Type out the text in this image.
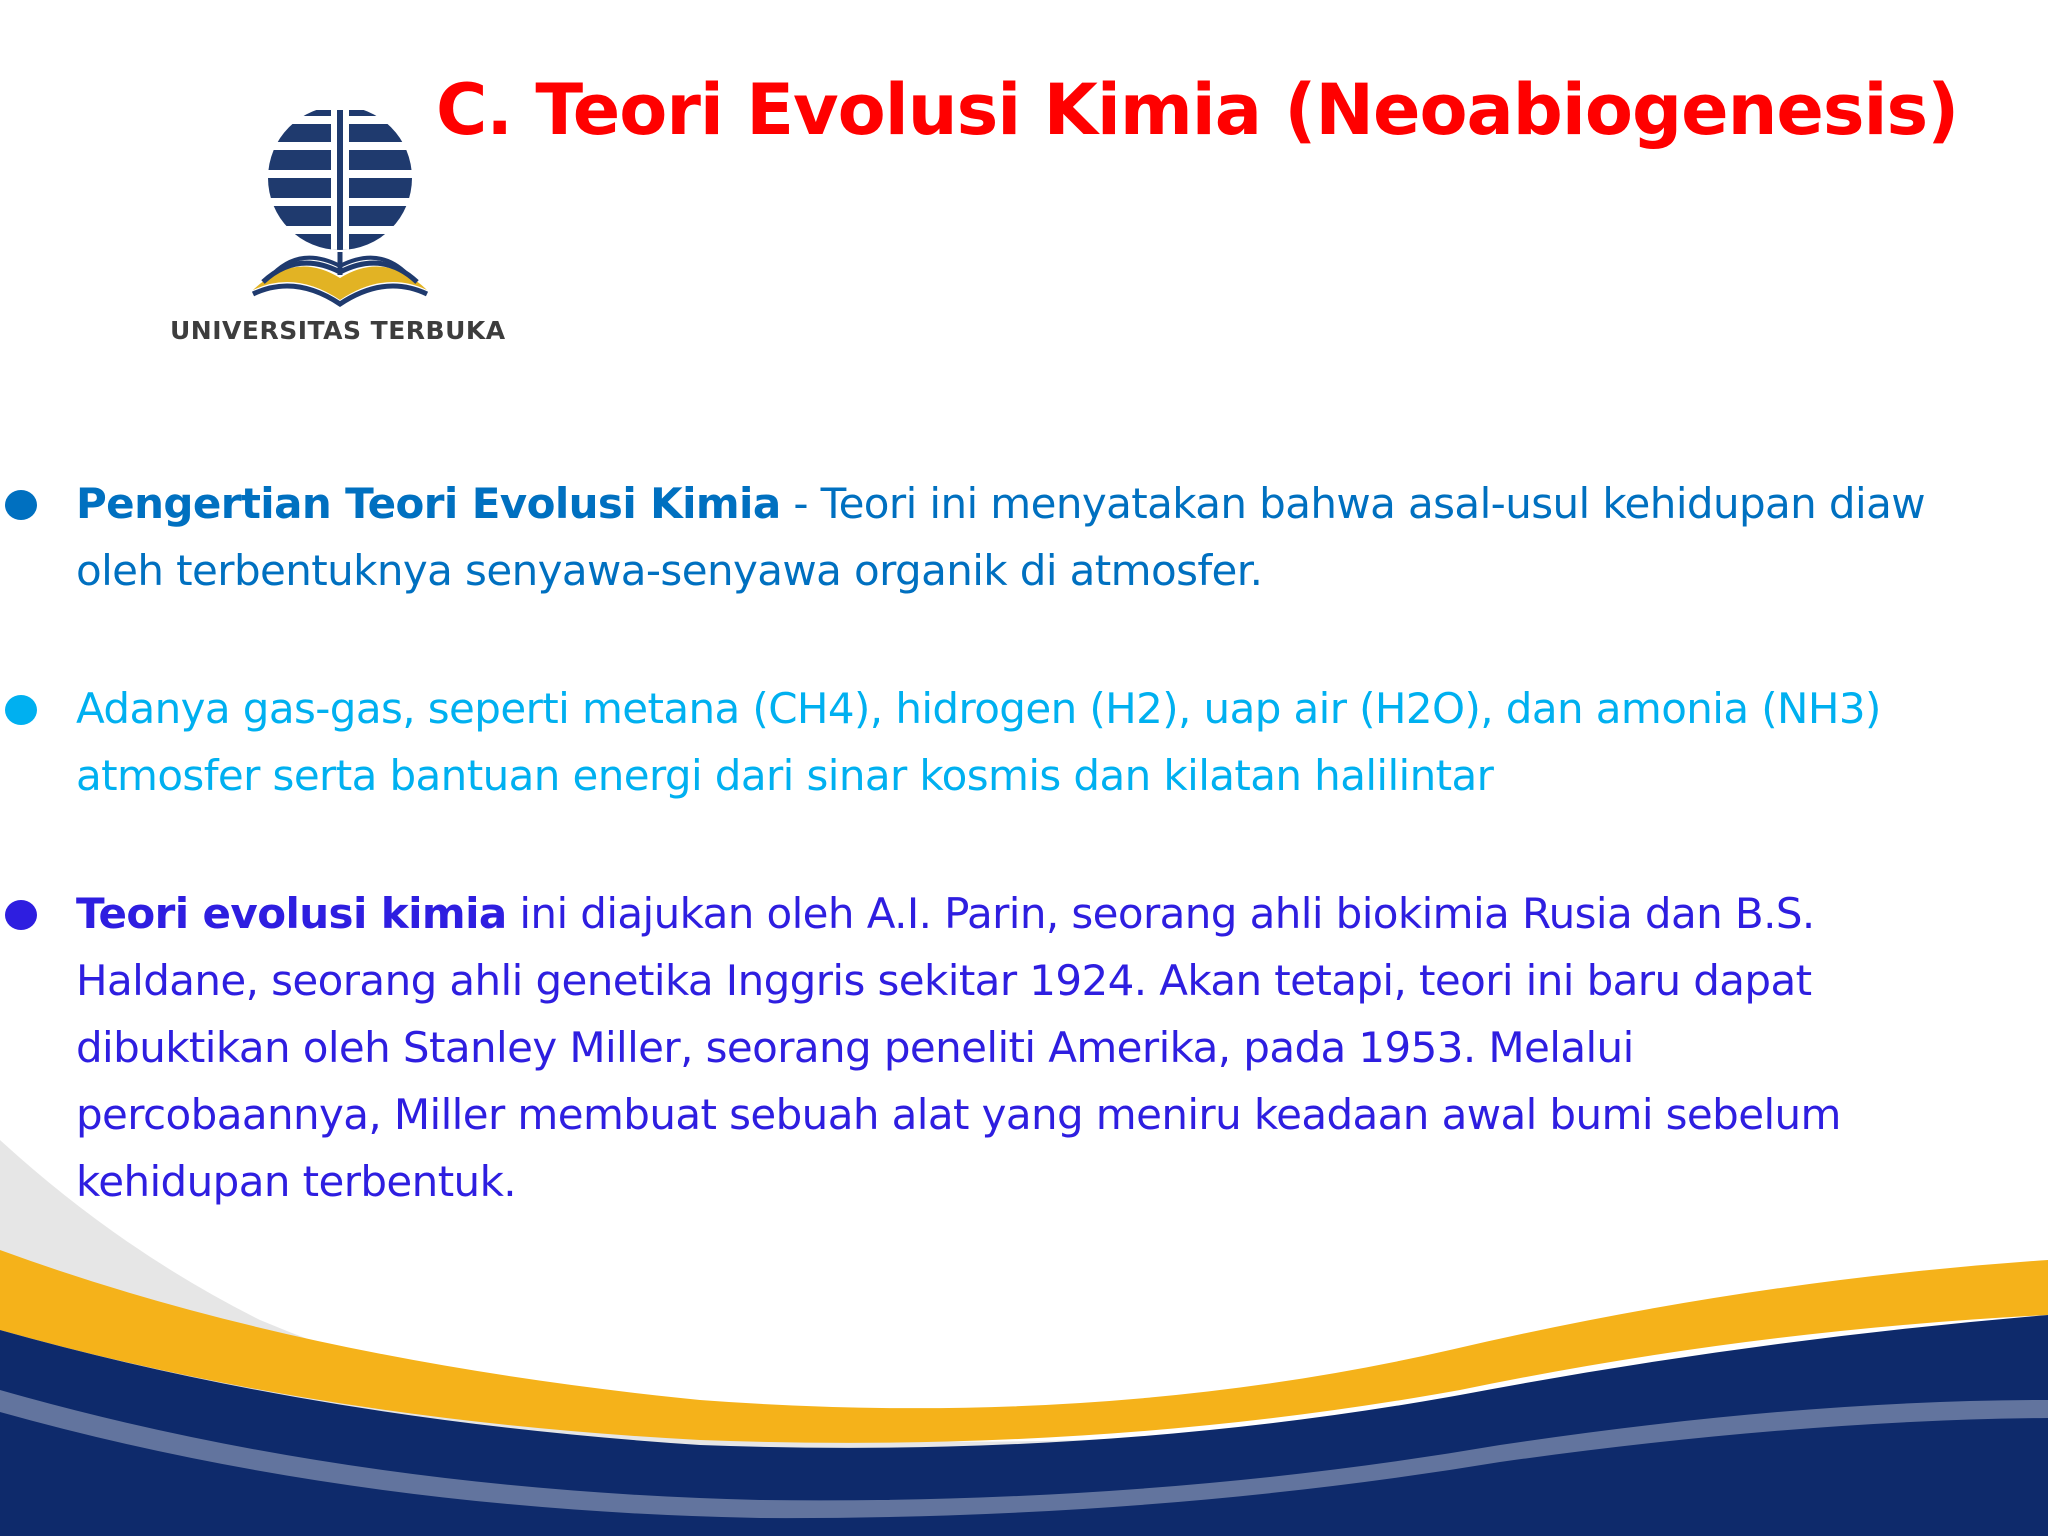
UNIVERSITAS TERBUKA
C. Teori Evolusi Kimia (Neoabiogenesis)
Pengertian Teori Evolusi Kimia - Teori ini menyatakan bahwa asal-usul kehidupan diaw
oleh terbentuknya senyawa-senyawa organik di atmosfer.
Adanya gas-gas, seperti metana (CH4), hidrogen (H2), uap air (H2O), dan amonia (NH3)
atmosfer serta bantuan energi dari sinar kosmis dan kilatan halilintar
Teori evolusi kimia ini diajukan oleh A.I. Parin, seorang ahli biokimia Rusia dan B.S.
Haldane, seorang ahli genetika Inggris sekitar 1924. Akan tetapi, teori ini baru dapat
dibuktikan oleh Stanley Miller, seorang peneliti Amerika, pada 1953. Melalui
percobaannya, Miller membuat sebuah alat yang meniru keadaan awal bumi sebelum
kehidupan terbentuk.
